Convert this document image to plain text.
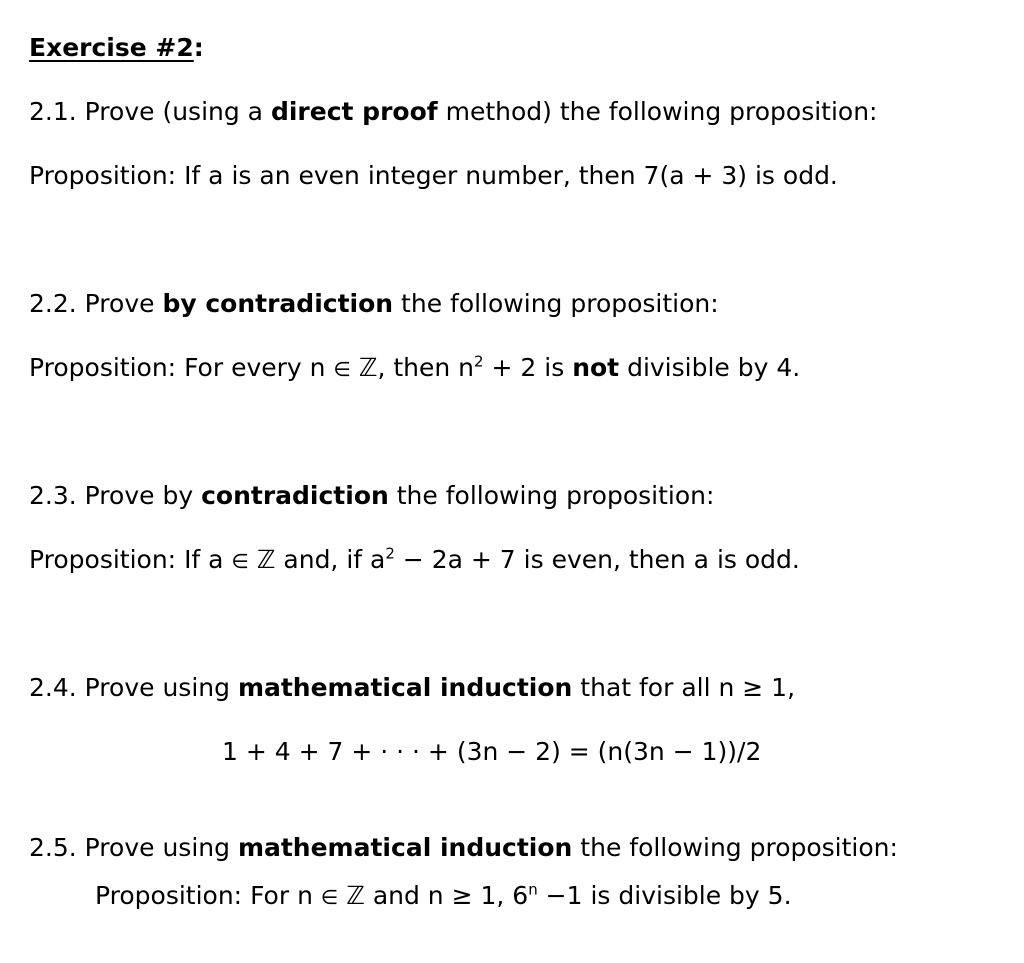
Exercise #2:
2.1. Prove (using a direct proof method) the following proposition:
Proposition: If a is an even integer number, then 7(a + 3) is odd.
2.2. Prove by contradiction the following proposition:
Proposition: For every n ∈ ℤ, then $n^2 + 2$ is not divisible by 4.
2.3. Prove by contradiction the following proposition:
Proposition: If a ∈ ℤ and, if $a^2 - 2a + 7$ is even, then a is odd.
2.4. Prove using mathematical induction that for all n ≥ 1,
1 + 4 + 7 + · · · + (3n − 2) = (n(3n − 1))/2
2.5. Prove using mathematical induction the following proposition:
Proposition: For n ∈ ℤ and n ≥ 1, $6^n -1$ is divisible by 5.
